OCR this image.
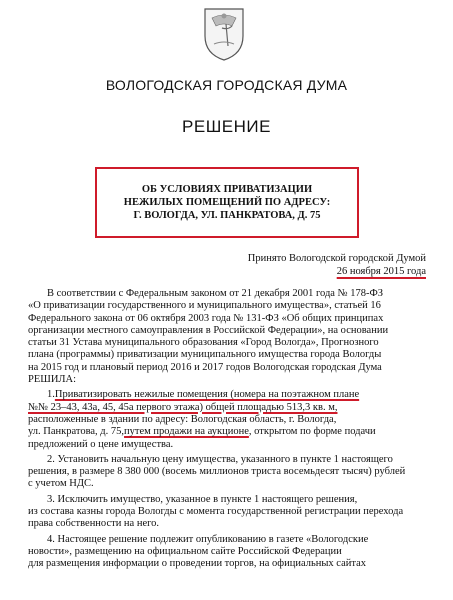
ВОЛОГОДСКАЯ ГОРОДСКАЯ ДУМА
РЕШЕНИЕ
ОБ УСЛОВИЯХ ПРИВАТИЗАЦИИ
НЕЖИЛЫХ ПОМЕЩЕНИЙ ПО АДРЕСУ:
Г. ВОЛОГДА, УЛ. ПАНКРАТОВА, Д. 75
Принято Вологодской городской Думой
26 ноября 2015 года
В соответствии с Федеральным законом от 21 декабря 2001 года № 178-ФЗ
«О приватизации государственного и муниципального имущества», статьей 16
Федерального закона от 06 октября 2003 года № 131-ФЗ «Об общих принципах
организации местного самоуправления в Российской Федерации», на основании
статьи 31 Устава муниципального образования «Город Вологда», Прогнозного
плана (программы) приватизации муниципального имущества города Вологды
на 2015 год и плановый период 2016 и 2017 годов Вологодская городская Дума
РЕШИЛА:
1. Приватизировать нежилые помещения (номера на поэтажном плане
№№ 23–43, 43а, 45, 45а первого этажа) общей площадью 513,3 кв. м,
расположенные в здании по адресу: Вологодская область, г. Вологда,
ул. Панкратова, д. 75, путем продажи на аукционе , открытом по форме подачи
предложений о цене имущества.
2. Установить начальную цену имущества, указанного в пункте 1 настоящего
решения, в размере 8 380 000 (восемь миллионов триста восемьдесят тысяч) рублей
с учетом НДС.
3. Исключить имущество, указанное в пункте 1 настоящего решения,
из состава казны города Вологды с момента государственной регистрации перехода
права собственности на него.
4. Настоящее решение подлежит опубликованию в газете «Вологодские
новости», размещению на официальном сайте Российской Федерации
для размещения информации о проведении торгов, на официальных сайтах
